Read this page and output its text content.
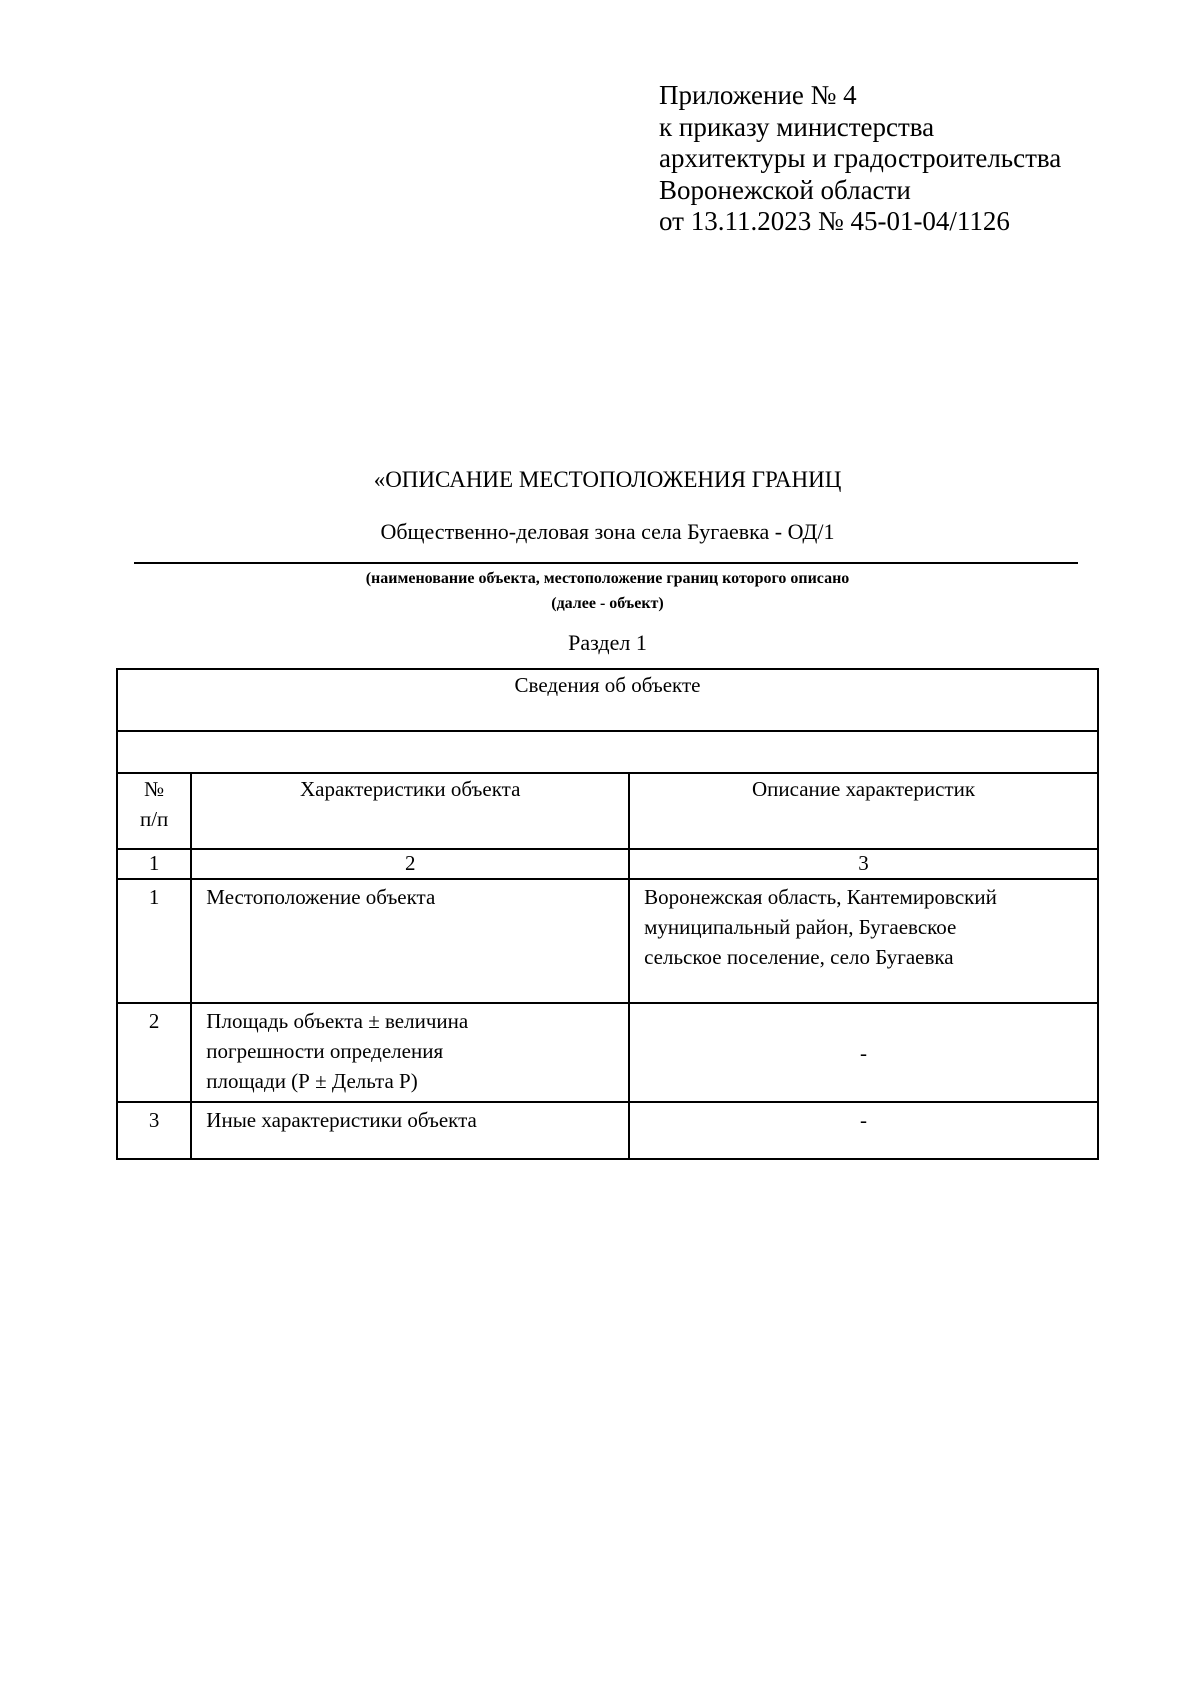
Приложение № 4
к приказу министерства
архитектуры и градостроительства
Воронежской области
от 13.11.2023 № 45-01-04/1126
«ОПИСАНИЕ МЕСТОПОЛОЖЕНИЯ ГРАНИЦ
Общественно-деловая зона села Бугаевка - ОД/1
(наименование объекта, местоположение границ которого описано
(далее - объект)
Раздел 1
Сведения об объекте		

№
п/п	Характеристики объекта	Описание характеристик
1	2	3
1	Местоположение объекта	Воронежская область, Кантемировский
муниципальный район, Бугаевское
сельское поселение, село Бугаевка
2	Площадь объекта ± величина
погрешности определения
площади (Р ± Дельта Р)	-
3	Иные характеристики объекта	-
